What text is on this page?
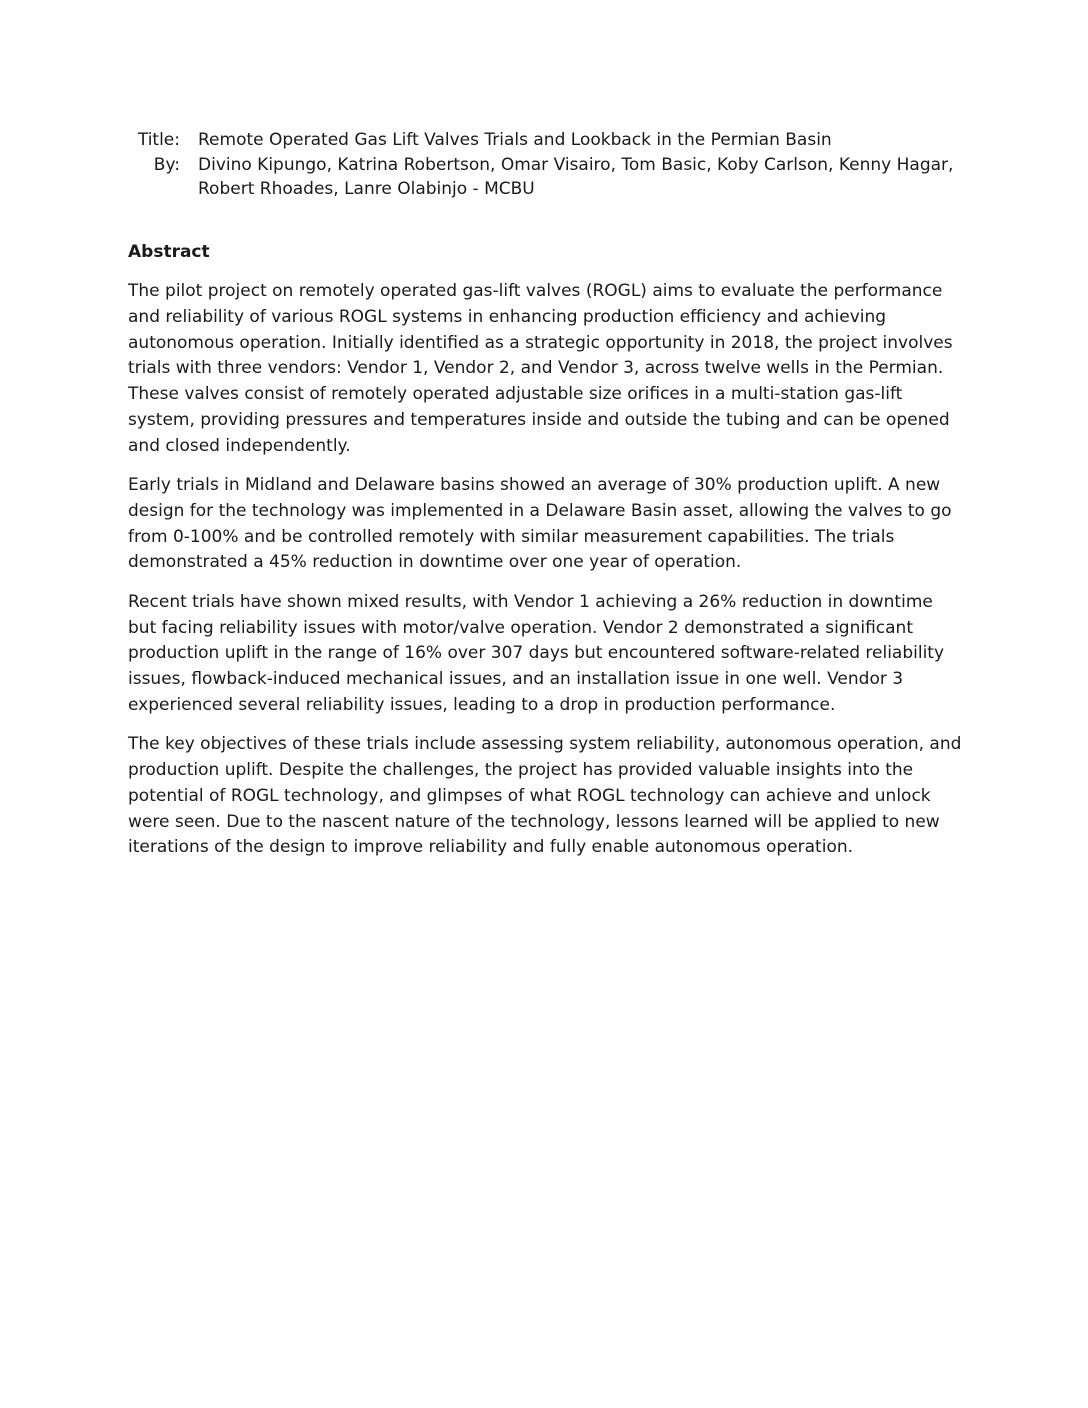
Title: Remote Operated Gas Lift Valves Trials and Lookback in the Permian Basin
By: Divino Kipungo, Katrina Robertson, Omar Visairo, Tom Basic, Koby Carlson, Kenny Hagar, Robert Rhoades, Lanre Olabinjo - MCBU
Abstract

The pilot project on remotely operated gas-lift valves (ROGL) aims to evaluate the performance and reliability of various ROGL systems in enhancing production efficiency and achieving autonomous operation. Initially identified as a strategic opportunity in 2018, the project involves trials with three vendors: Vendor 1, Vendor 2, and Vendor 3, across twelve wells in the Permian. These valves consist of remotely operated adjustable size orifices in a multi-station gas-lift system, providing pressures and temperatures inside and outside the tubing and can be opened and closed independently.

Early trials in Midland and Delaware basins showed an average of 30% production uplift. A new design for the technology was implemented in a Delaware Basin asset, allowing the valves to go from 0-100% and be controlled remotely with similar measurement capabilities. The trials demonstrated a 45% reduction in downtime over one year of operation.

Recent trials have shown mixed results, with Vendor 1 achieving a 26% reduction in downtime but facing reliability issues with motor/valve operation. Vendor 2 demonstrated a significant production uplift in the range of 16% over 307 days but encountered software-related reliability issues, flowback-induced mechanical issues, and an installation issue in one well. Vendor 3 experienced several reliability issues, leading to a drop in production performance.

The key objectives of these trials include assessing system reliability, autonomous operation, and production uplift. Despite the challenges, the project has provided valuable insights into the potential of ROGL technology, and glimpses of what ROGL technology can achieve and unlock were seen. Due to the nascent nature of the technology, lessons learned will be applied to new iterations of the design to improve reliability and fully enable autonomous operation.
